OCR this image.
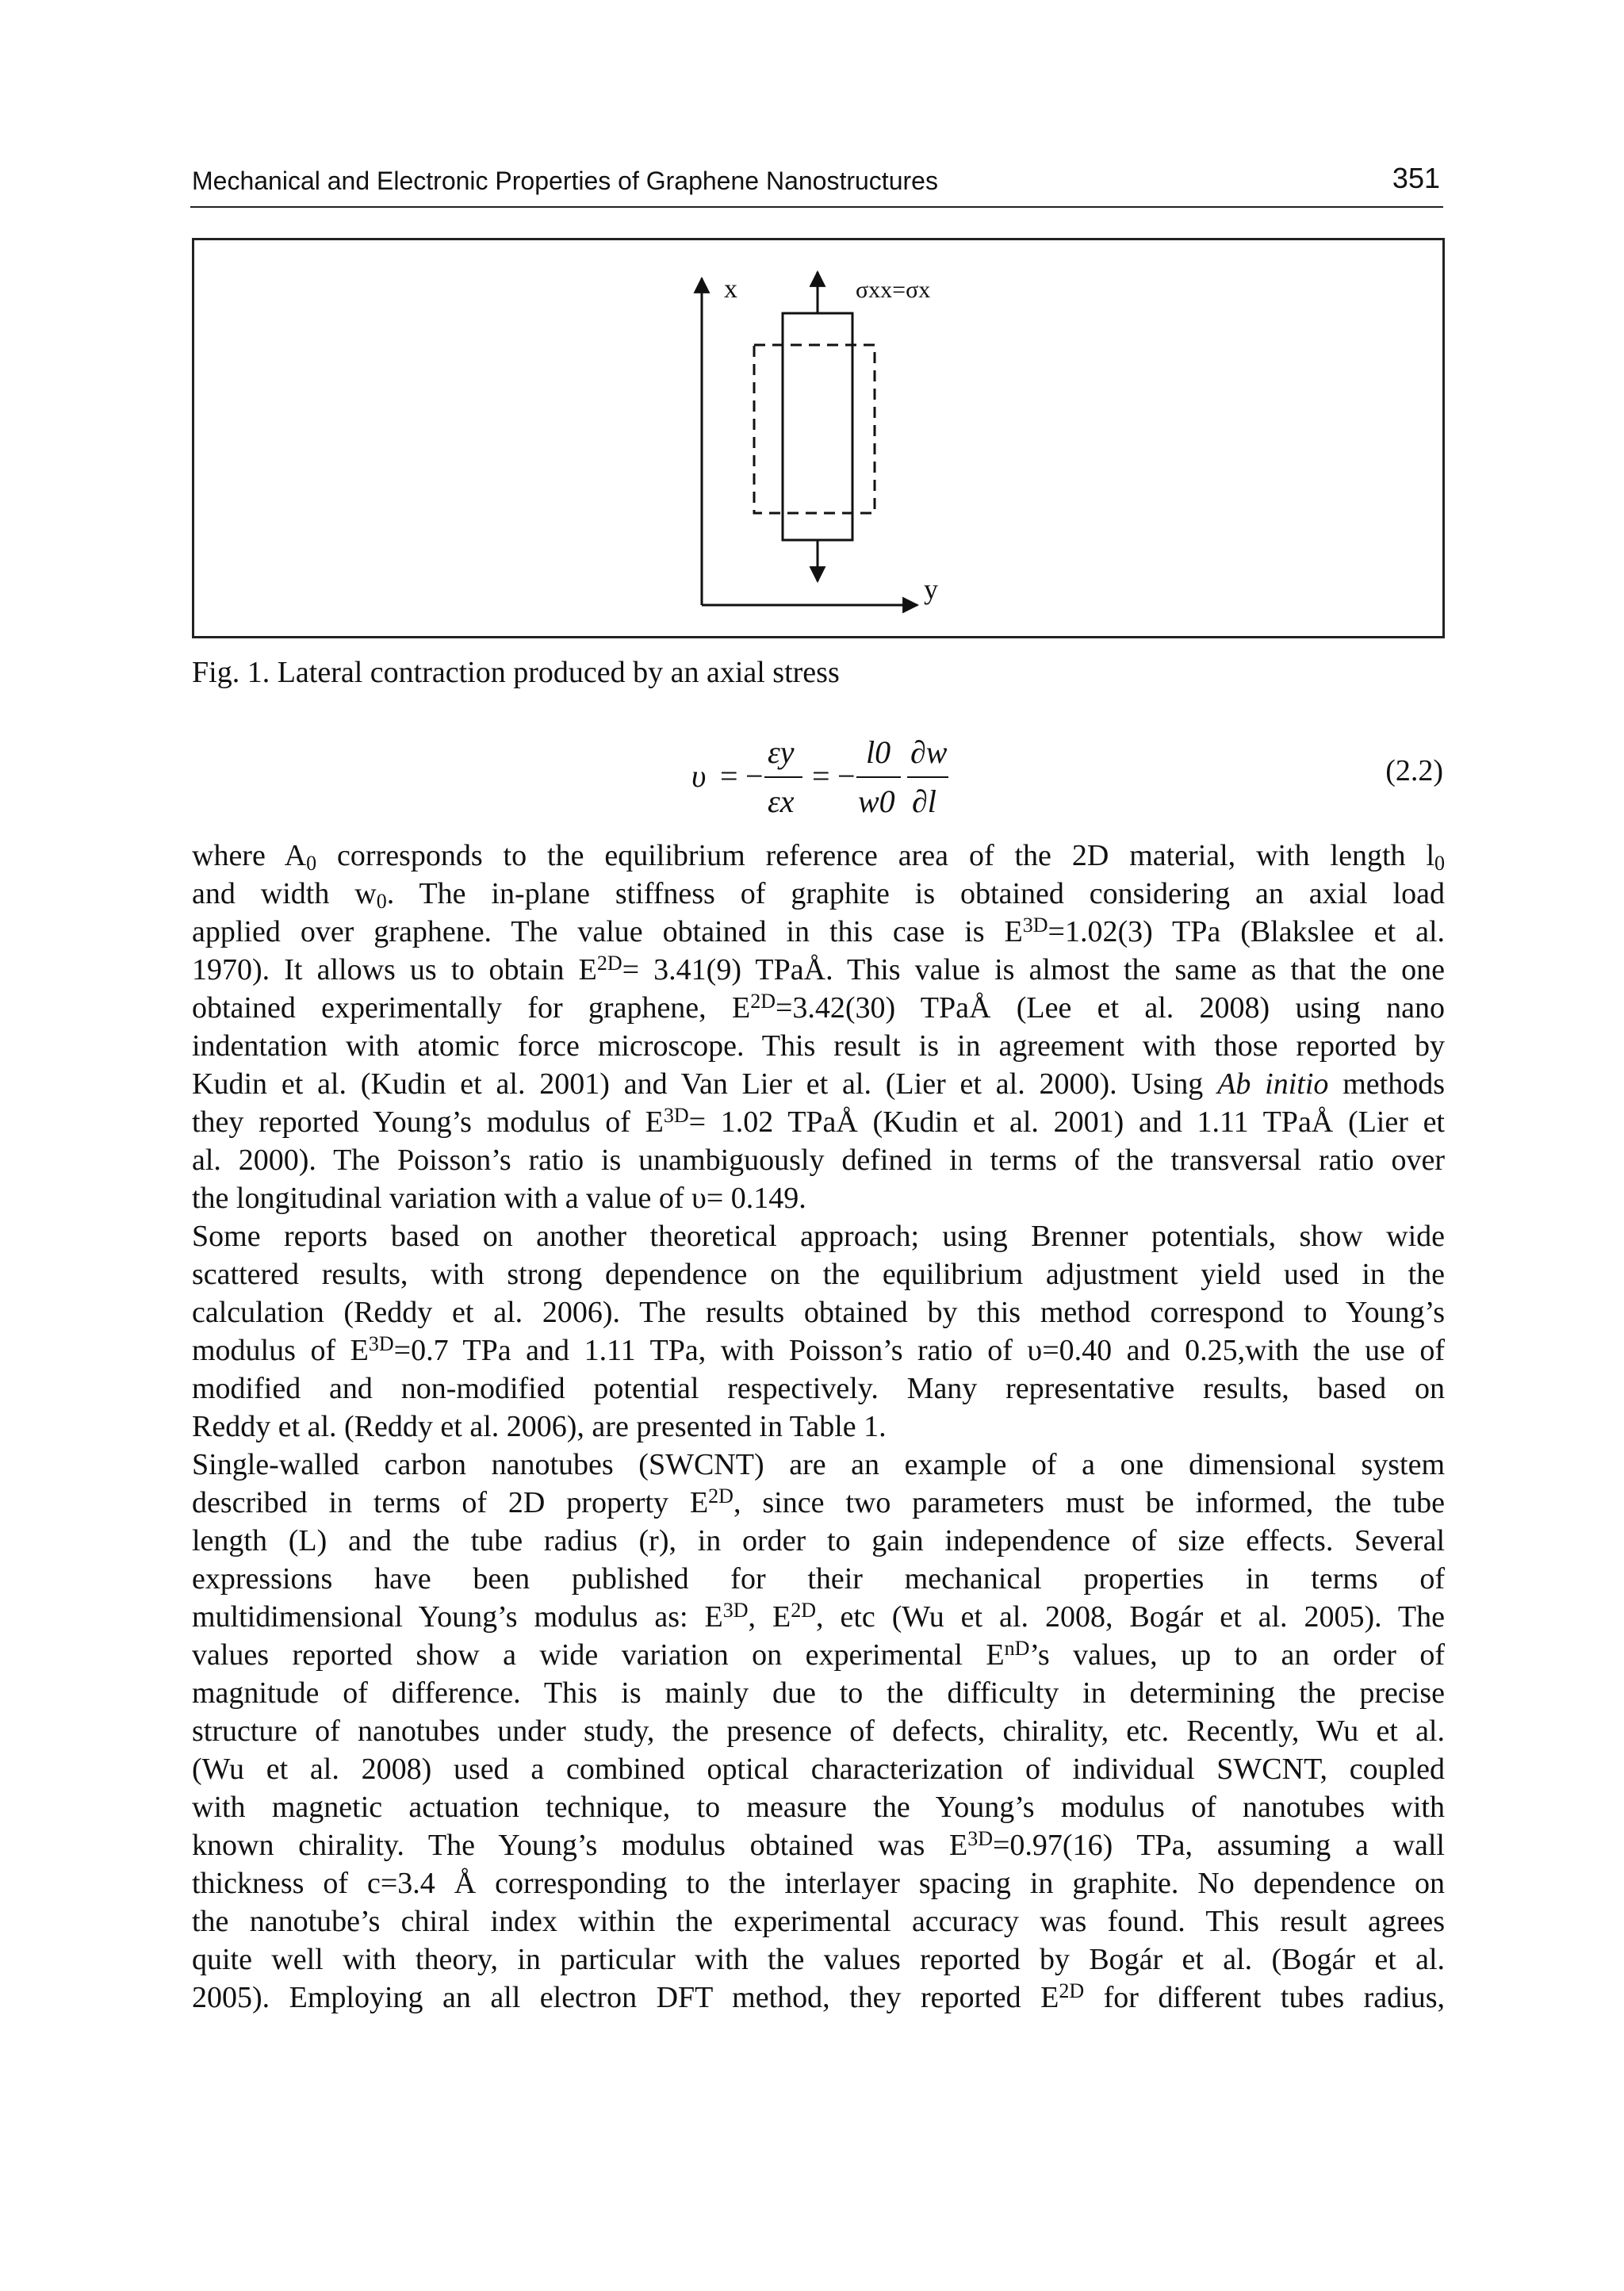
Mechanical and Electronic Properties of Graphene Nanostructures	351
x
y
σxx=σx
Fig. 1. Lateral contraction produced by an axial stress
υ = −
εy
εx
= −
l0
w0
∂w
∂l
(2.2)

where $A_0$ corresponds to the equilibrium reference area of the 2D material, with length $l_0$
and width $w_0$. The in-plane stiffness of graphite is obtained considering an axial load
applied over graphene. The value obtained in this case is $E^{3D}=1.02(3)$ TPa (Blakslee et al.
1970). It allows us to obtain $E^{2D}= 3.41(9)$ TPaÅ. This value is almost the same as that the one
obtained experimentally for graphene, $E^{2D}=3.42(30)$ TPaÅ (Lee et al. 2008) using nano
indentation with atomic force microscope. This result is in agreement with those reported by
Kudin et al. (Kudin et al. 2001) and Van Lier et al. (Lier et al. 2000). Using Ab initio methods
they reported Young’s modulus of $E^{3D}= 1.02$ TPaÅ (Kudin et al. 2001) and 1.11 TPaÅ (Lier et
al. 2000). The Poisson’s ratio is unambiguously defined in terms of the transversal ratio over
the longitudinal variation with a value of υ= 0.149.

Some reports based on another theoretical approach; using Brenner potentials, show wide
scattered results, with strong dependence on the equilibrium adjustment yield used in the
calculation (Reddy et al. 2006). The results obtained by this method correspond to Young’s
modulus of $E^{3D}=0.7$ TPa and 1.11 TPa, with Poisson’s ratio of υ=0.40 and 0.25,with the use of
modified and non-modified potential respectively. Many representative results, based on
Reddy et al. (Reddy et al. 2006), are presented in Table 1.

Single-walled carbon nanotubes (SWCNT) are an example of a one dimensional system
described in terms of 2D property $E^{2D}$, since two parameters must be informed, the tube
length (L) and the tube radius (r), in order to gain independence of size effects. Several
expressions have been published for their mechanical properties in terms of
multidimensional Young’s modulus as: $E^{3D}$, $E^{2D}$, etc (Wu et al. 2008, Bogár et al. 2005). The
values reported show a wide variation on experimental $E^{nD}’s$ values, up to an order of
magnitude of difference. This is mainly due to the difficulty in determining the precise
structure of nanotubes under study, the presence of defects, chirality, etc. Recently, Wu et al.
(Wu et al. 2008) used a combined optical characterization of individual SWCNT, coupled
with magnetic actuation technique, to measure the Young’s modulus of nanotubes with
known chirality. The Young’s modulus obtained was $E^{3D}=0.97(16)$ TPa, assuming a wall
thickness of c=3.4 Å corresponding to the interlayer spacing in graphite. No dependence on
the nanotube’s chiral index within the experimental accuracy was found. This result agrees
quite well with theory, in particular with the values reported by Bogár et al. (Bogár et al.
2005). Employing an all electron DFT method, they reported $E^{2D}$ for different tubes radius,
